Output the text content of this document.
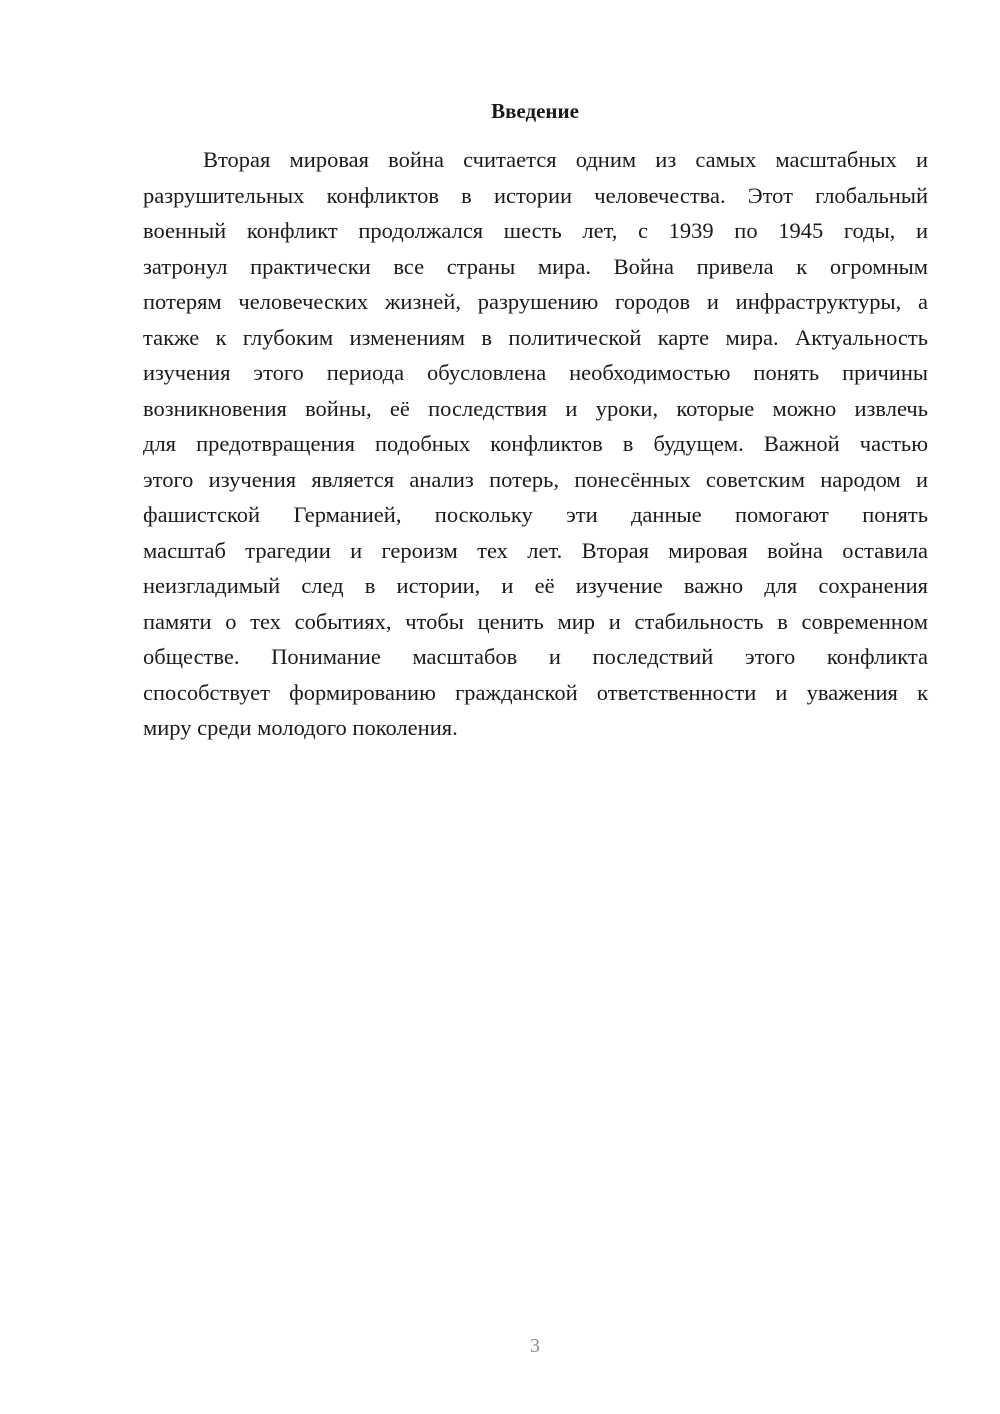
Введение
Вторая мировая война считается одним из самых масштабных и
разрушительных конфликтов в истории человечества. Этот глобальный
военный конфликт продолжался шесть лет, с 1939 по 1945 годы, и
затронул практически все страны мира. Война привела к огромным
потерям человеческих жизней, разрушению городов и инфраструктуры, а
также к глубоким изменениям в политической карте мира. Актуальность
изучения этого периода обусловлена необходимостью понять причины
возникновения войны, её последствия и уроки, которые можно извлечь
для предотвращения подобных конфликтов в будущем. Важной частью
этого изучения является анализ потерь, понесённых советским народом и
фашистской Германией, поскольку эти данные помогают понять
масштаб трагедии и героизм тех лет. Вторая мировая война оставила
неизгладимый след в истории, и её изучение важно для сохранения
памяти о тех событиях, чтобы ценить мир и стабильность в современном
обществе. Понимание масштабов и последствий этого конфликта
способствует формированию гражданской ответственности и уважения к
миру среди молодого поколения.
3
